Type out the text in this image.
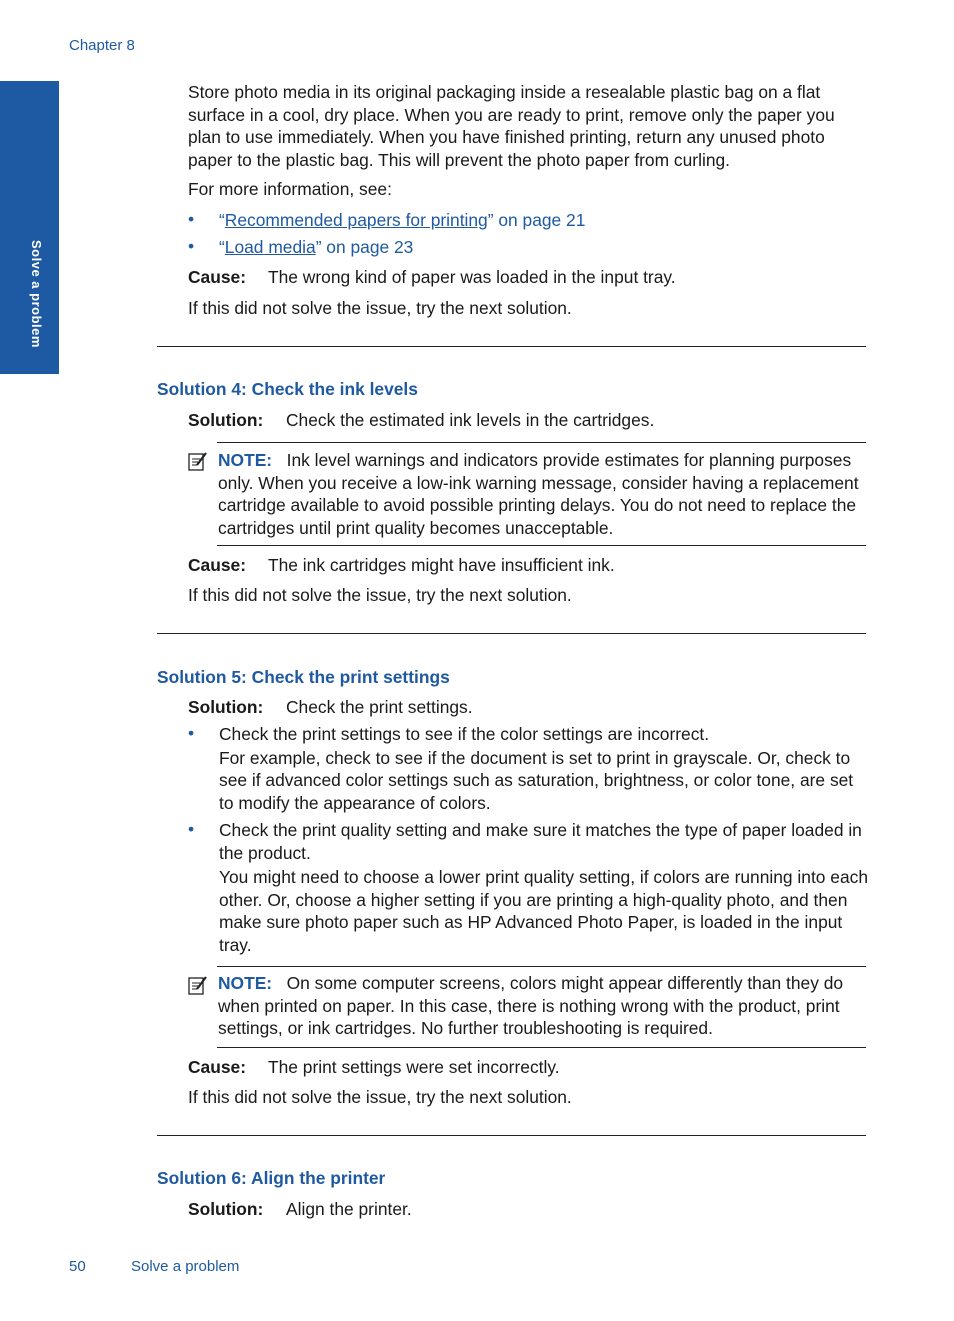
Chapter 8
Solve a problem

Store photo media in its original packaging inside a resealable plastic bag on a flat surface in a cool, dry place. When you are ready to print, remove only the paper you plan to use immediately. When you have finished printing, return any unused photo paper to the plastic bag. This will prevent the photo paper from curling.

For more information, see:

• “Recommended papers for printing” on page 21
• “Load media” on page 23

Cause: The wrong kind of paper was loaded in the input tray.

If this did not solve the issue, try the next solution.

Solution 4: Check the ink levels

Solution: Check the estimated ink levels in the cartridges.

NOTE: Ink level warnings and indicators provide estimates for planning purposes only. When you receive a low-ink warning message, consider having a replacement cartridge available to avoid possible printing delays. You do not need to replace the cartridges until print quality becomes unacceptable.

Cause: The ink cartridges might have insufficient ink.

If this did not solve the issue, try the next solution.

Solution 5: Check the print settings

Solution: Check the print settings.

• Check the print settings to see if the color settings are incorrect.
For example, check to see if the document is set to print in grayscale. Or, check to see if advanced color settings such as saturation, brightness, or color tone, are set to modify the appearance of colors.
• Check the print quality setting and make sure it matches the type of paper loaded in the product.
You might need to choose a lower print quality setting, if colors are running into each other. Or, choose a higher setting if you are printing a high-quality photo, and then make sure photo paper such as HP Advanced Photo Paper, is loaded in the input tray.
NOTE: On some computer screens, colors might appear differently than they do when printed on paper. In this case, there is nothing wrong with the product, print settings, or ink cartridges. No further troubleshooting is required.

Cause: The print settings were set incorrectly.

If this did not solve the issue, try the next solution.

Solution 6: Align the printer

Solution: Align the printer.

50	Solve a problem
